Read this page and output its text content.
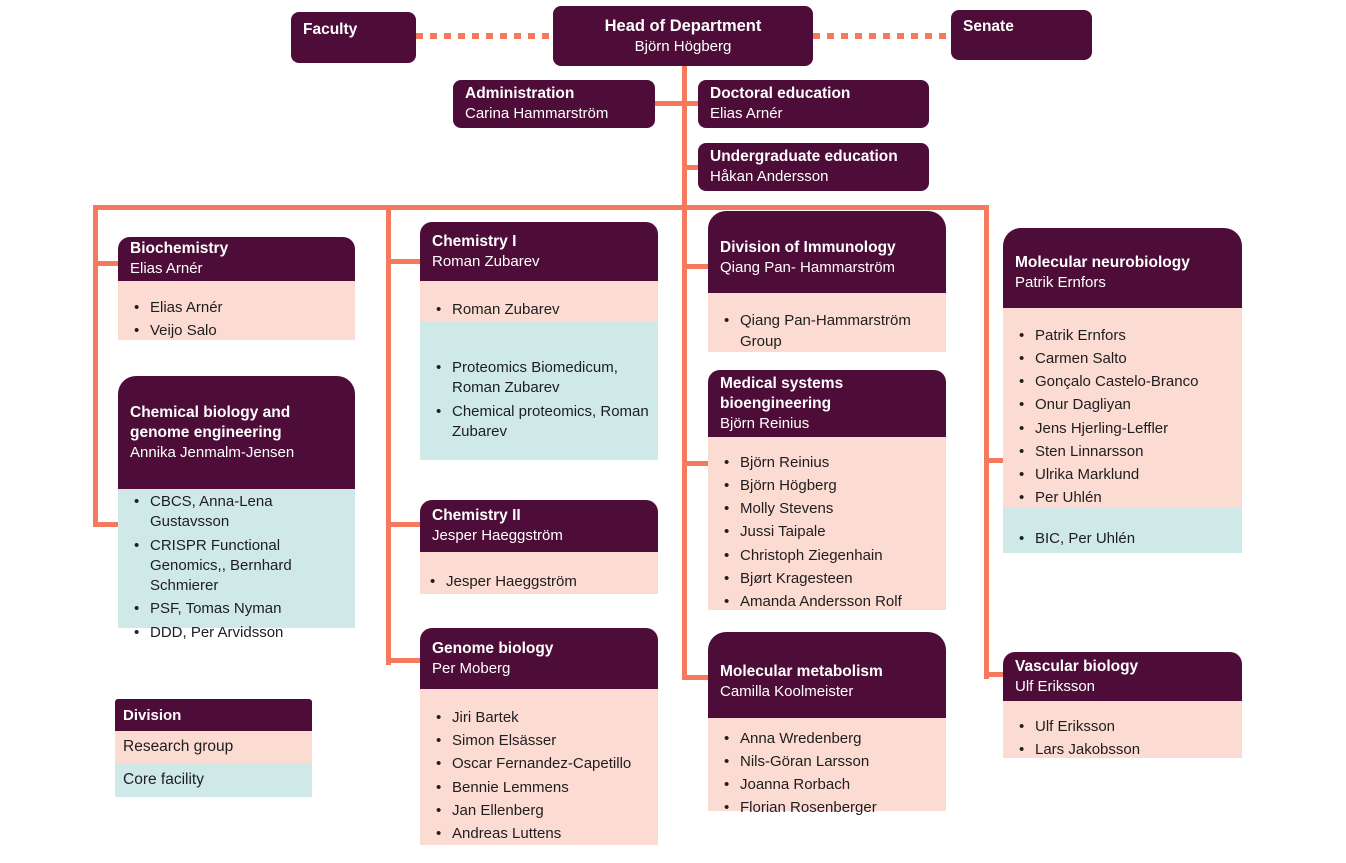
Faculty	Head of Department
Björn Högberg
Senate
Administration
Carina Hammarström
Doctoral education
Elias Arnér
Undergraduate education
Håkan Andersson
Biochemistry
Elias Arnér
• Elias Arnér
• Veijo Salo
Chemical biology and genome engineering
Annika Jenmalm-Jensen
• CBCS, Anna-Lena Gustavsson
• CRISPR Functional Genomics,, Bernhard Schmierer
• PSF, Tomas Nyman
• DDD, Per Arvidsson
Division
Research group
Core facility
Chemistry I
Roman Zubarev
• Roman Zubarev
• Proteomics Biomedicum, Roman Zubarev
• Chemical proteomics, Roman Zubarev
Chemistry II
Jesper Haeggström
• Jesper Haeggström
Genome biology
Per Moberg
• Jiri Bartek
• Simon Elsässer
• Oscar Fernandez-Capetillo
• Bennie Lemmens
• Jan Ellenberg
• Andreas Luttens
Division of Immunology
Qiang Pan- Hammarström
• Qiang Pan-Hammarström Group
Medical systems bioengineering
Björn Reinius
• Björn Reinius
• Björn Högberg
• Molly Stevens
• Jussi Taipale
• Christoph Ziegenhain
• Bjørt Kragesteen
• Amanda Andersson Rolf
Molecular metabolism
Camilla Koolmeister
• Anna Wredenberg
• Nils-Göran Larsson
• Joanna Rorbach
• Florian Rosenberger
Molecular neurobiology
Patrik Ernfors
• Patrik Ernfors
• Carmen Salto
• Gonçalo Castelo-Branco
• Onur Dagliyan
• Jens Hjerling-Leffler
• Sten Linnarsson
• Ulrika Marklund
• Per Uhlén
• BIC, Per Uhlén
Vascular biology
Ulf Eriksson
• Ulf Eriksson
• Lars Jakobsson
